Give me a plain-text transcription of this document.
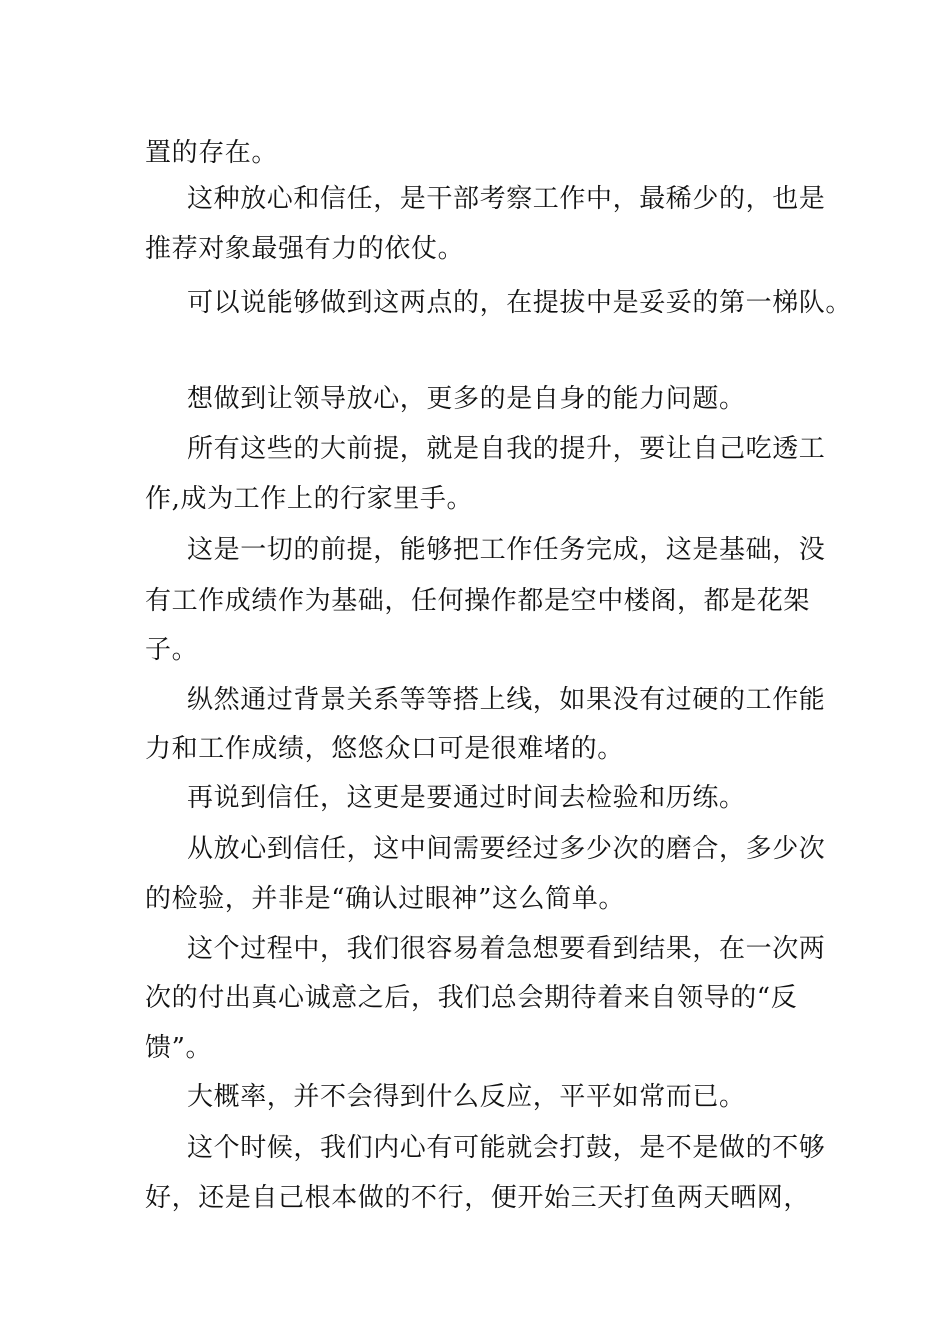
置的存在。
这种放心和信任，是干部考察工作中，最稀少的，也是
推荐对象最强有力的依仗。
可以说能够做到这两点的，在提拔中是妥妥的第一梯队。
想做到让领导放心，更多的是自身的能力问题。
所有这些的大前提，就是自我的提升，要让自己吃透工
作,成为工作上的行家里手。
这是一切的前提，能够把工作任务完成，这是基础，没
有工作成绩作为基础，任何操作都是空中楼阁，都是花架
子。
纵然通过背景关系等等搭上线，如果没有过硬的工作能
力和工作成绩，悠悠众口可是很难堵的。
再说到信任，这更是要通过时间去检验和历练。
从放心到信任，这中间需要经过多少次的磨合，多少次
的检验，并非是“确认过眼神”这么简单。
这个过程中，我们很容易着急想要看到结果，在一次两
次的付出真心诚意之后，我们总会期待着来自领导的“反
馈”。
大概率，并不会得到什么反应，平平如常而已。
这个时候，我们内心有可能就会打鼓，是不是做的不够
好，还是自己根本做的不行，便开始三天打鱼两天晒网，
